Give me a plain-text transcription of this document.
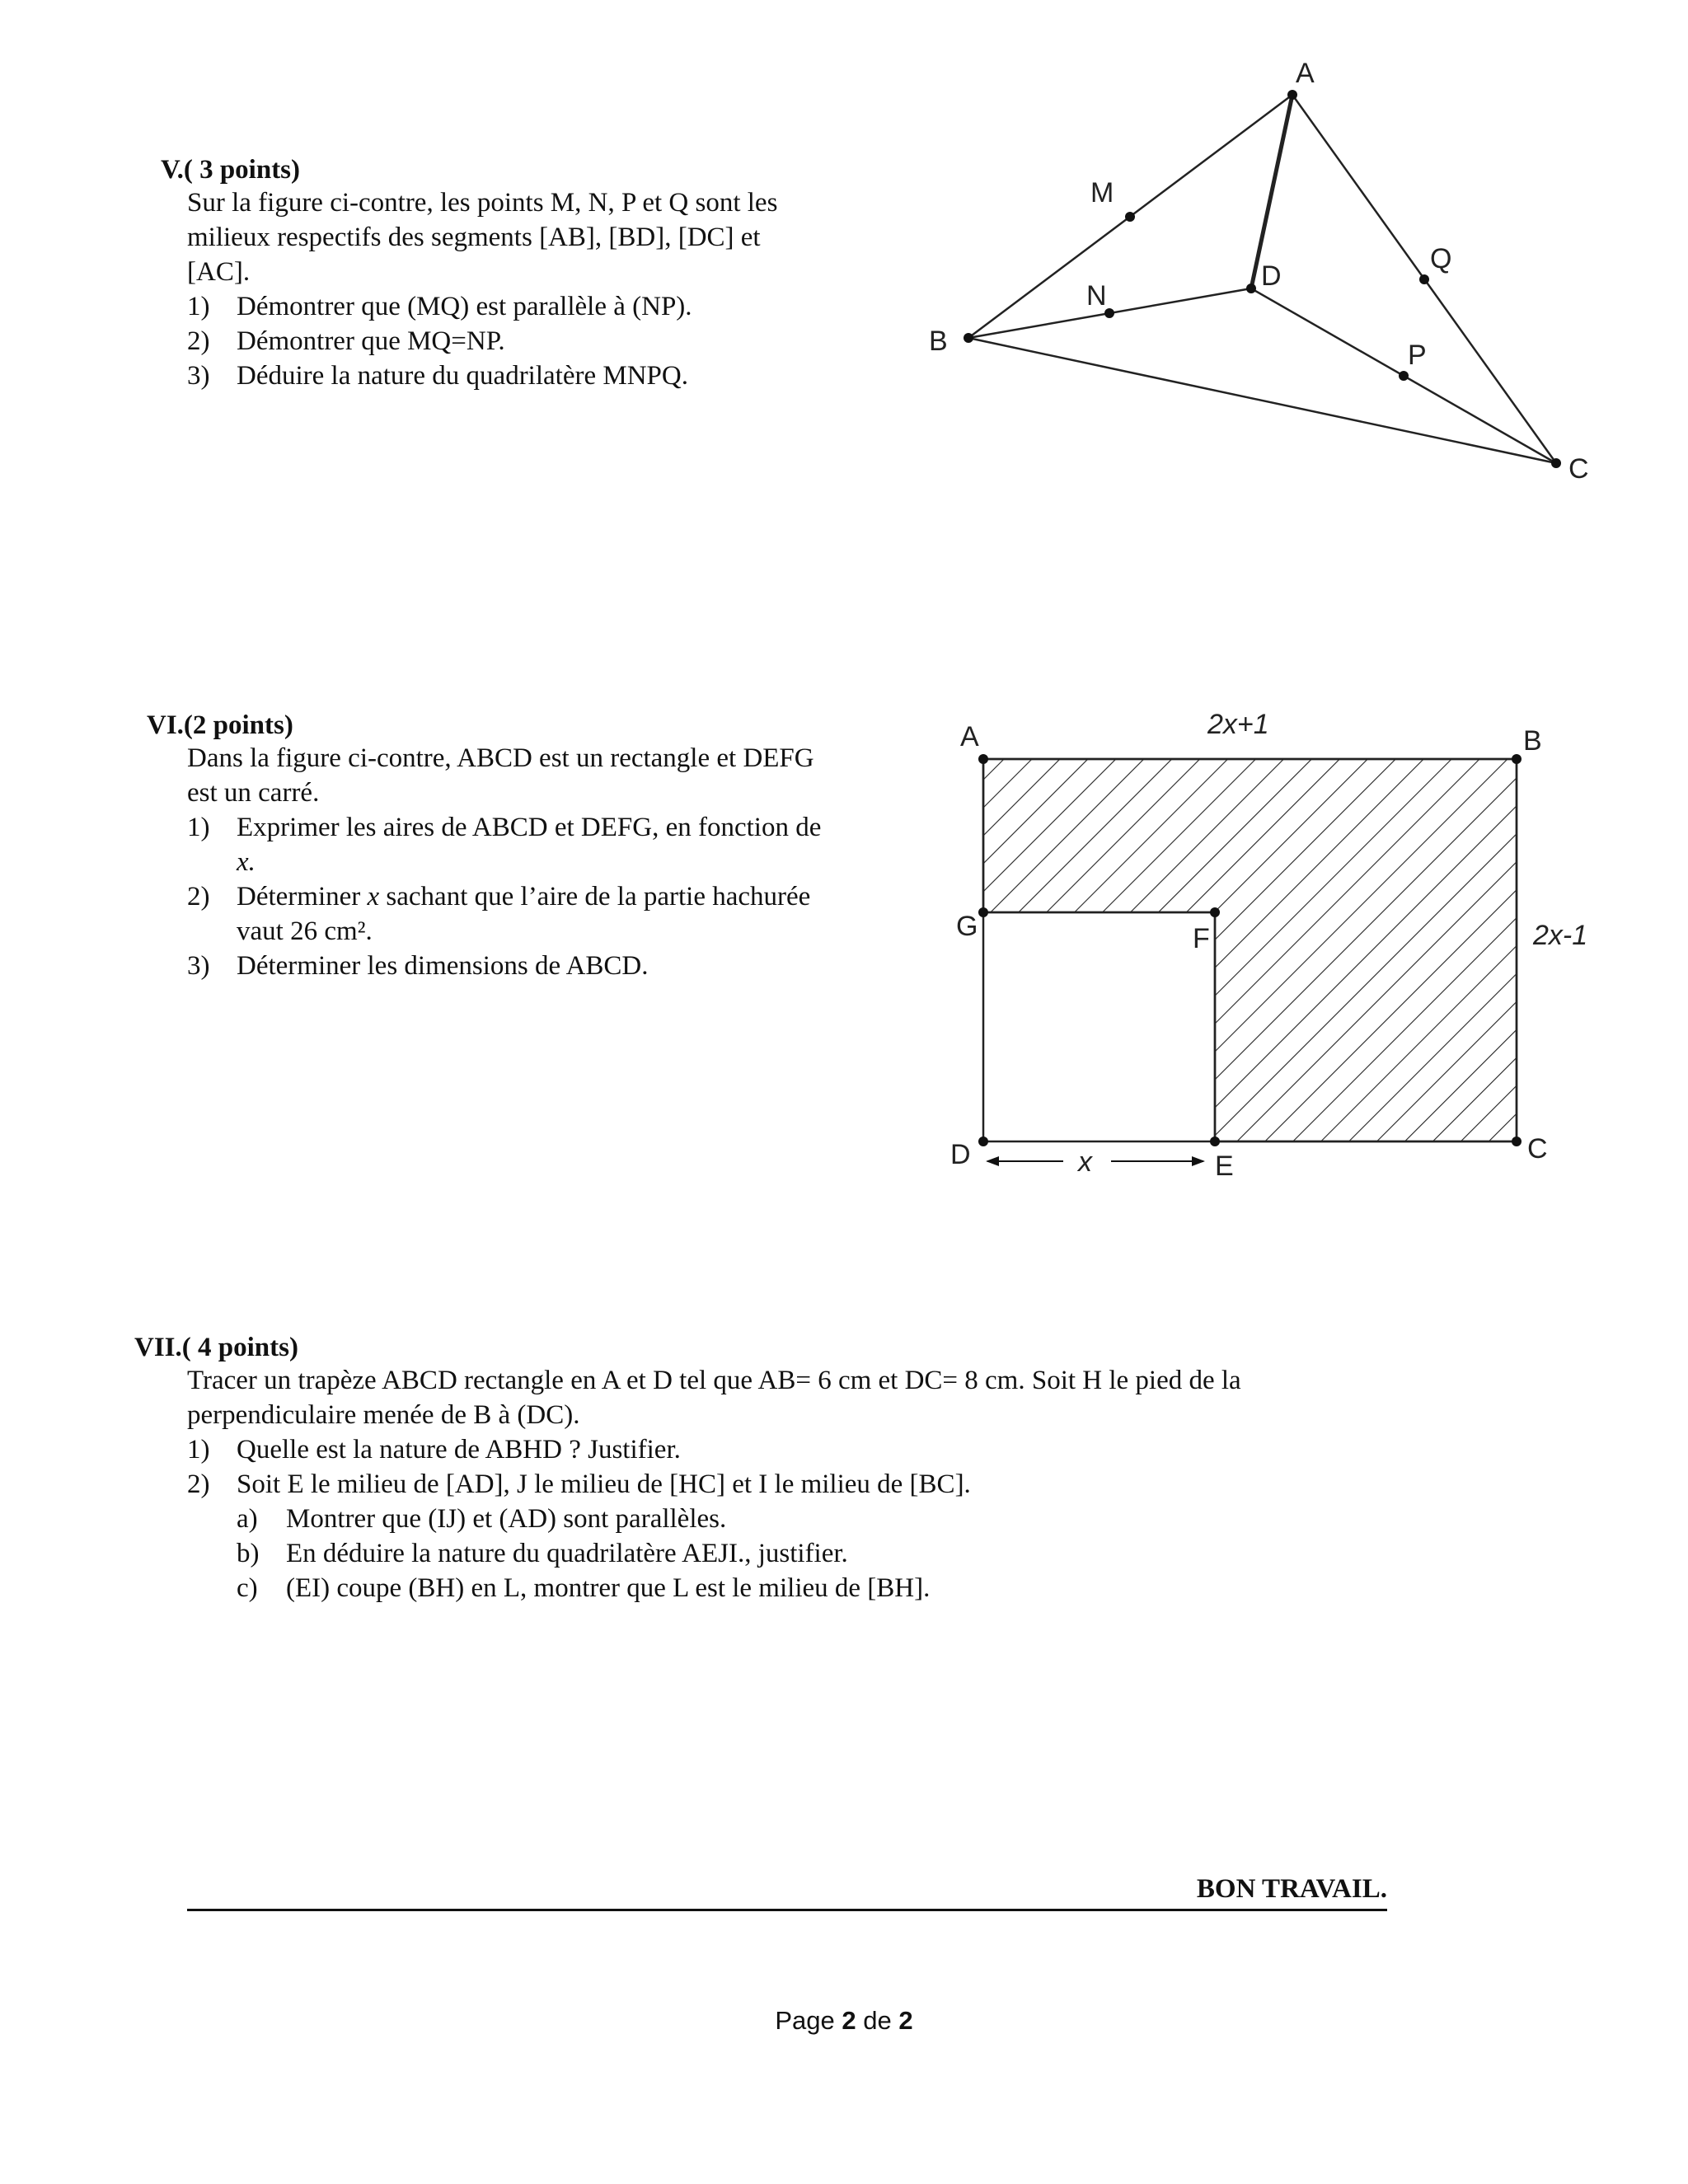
V.( 3 points)
Sur la figure ci-contre, les points M, N, P et Q sont les
milieux respectifs des segments [AB], [BD], [DC] et
[AC].
1) Démontrer que (MQ) est parallèle à (NP).
2) Démontrer que MQ=NP.
3) Déduire la nature du quadrilatère MNPQ.
VI.(2 points)
Dans la figure ci-contre, ABCD est un rectangle et DEFG
est un carré.
1) Exprimer les aires de ABCD et DEFG, en fonction de
x.
2) Déterminer x sachant que l’aire de la partie hachurée
vaut 26 cm².
3) Déterminer les dimensions de ABCD.
VII.( 4 points)
Tracer un trapèze ABCD rectangle en A et D tel que AB= 6 cm et DC= 8 cm. Soit H le pied de la
perpendiculaire menée de B à (DC).
1) Quelle est la nature de ABHD ? Justifier.
2) Soit E le milieu de [AD], J le milieu de [HC] et I le milieu de [BC].
a) Montrer que (IJ) et (AD) sont parallèles.
b) En déduire la nature du quadrilatère AEJI., justifier.
c) (EI) coupe (BH) en L, montrer que L est le milieu de [BH].
BON TRAVAIL.
Page 2 de 2
A
B
C
D
M
N
P
Q
A	B
C
D	E
F
G
2x+1
2x-1
x
